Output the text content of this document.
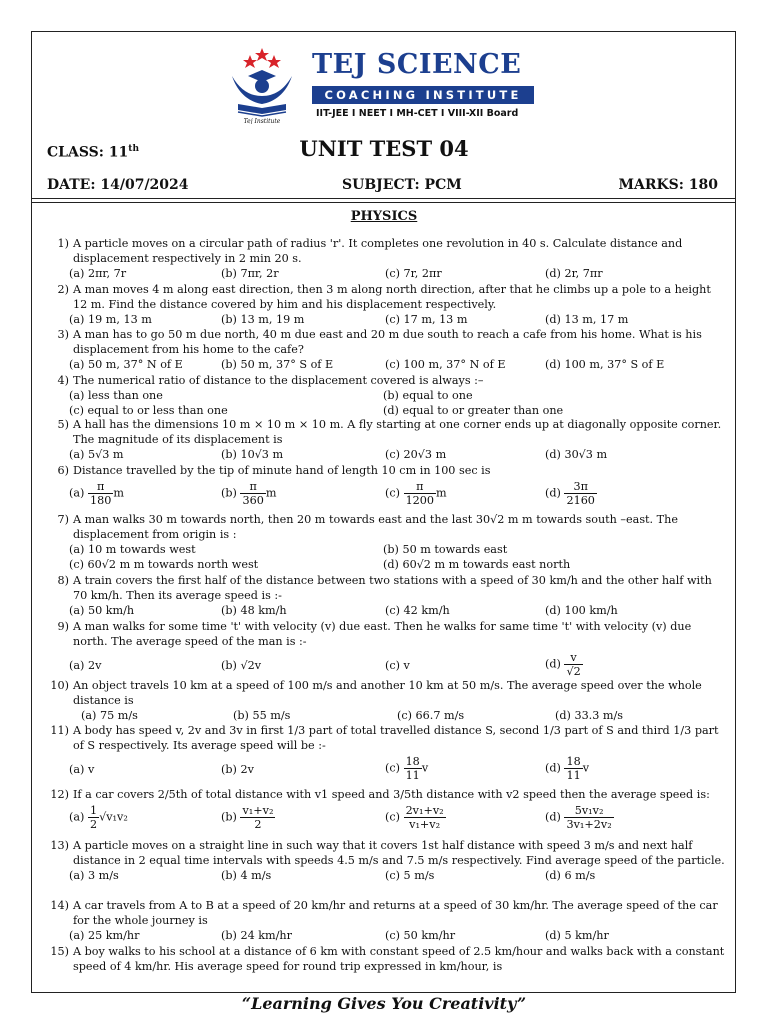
Tej Institute
TEJ SCIENCE
COACHING INSTITUTE
IIT-JEE I NEET I MH-CET I VIII-XII Board
CLASS: 11th	UNIT TEST 04
DATE: 14/07/2024	SUBJECT: PCM	MARKS: 180
PHYSICS
1) A particle moves on a circular path of radius 'r'. It completes one revolution in 40 s. Calculate distance and displacement respectively in 2 min 20 s.
(a) 2πr, 7r	(b) 7πr, 2r	(c) 7r, 2πr	(d) 2r, 7πr
2) A man moves 4 m along east direction, then 3 m along north direction, after that he climbs up a pole to a height 12 m. Find the distance covered by him and his displacement respectively.
(a) 19 m, 13 m	(b) 13 m, 19 m	(c) 17 m, 13 m	(d) 13 m, 17 m
3) A man has to go 50 m due north, 40 m due east and 20 m due south to reach a cafe from his home. What is his displacement from his home to the cafe?
(a) 50 m, 37° N of E	(b) 50 m, 37° S of E	(c) 100 m, 37° N of E	(d) 100 m, 37° S of E
4) The numerical ratio of distance to the displacement covered is always :–
(a) less than one	(b) equal to one
(c) equal to or less than one	(d) equal to or greater than one
5) A hall has the dimensions 10 m × 10 m × 10 m. A fly starting at one corner ends up at diagonally opposite corner. The magnitude of its displacement is
(a) 5√3 m	(b) 10√3 m	(c) 20√3 m	(d) 30√3 m
6) Distance travelled by the tip of minute hand of length 10 cm in 100 sec is
$(a) \frac{\pi}{180}$ m	$(b) \frac{\pi}{360}$ m	$(c) \frac{\pi}{1200}$ m	$(d) \frac{3\pi}{2160}$
7) A man walks 30 m towards north, then 20 m towards east and the last 30√2 m m towards south –east. The displacement from origin is :
(a) 10 m towards west	(b) 50 m towards east
(c) 60√2 m m towards north west	(d) 60√2 m m towards east north
8) A train covers the first half of the distance between two stations with a speed of 30 km/h and the other half with 70 km/h. Then its average speed is :-
(a) 50 km/h	(b) 48 km/h	(c) 42 km/h	(d) 100 km/h
9) A man walks for some time 't' with velocity (v) due east. Then he walks for same time 't' with velocity (v) due north. The average speed of the man is :-
(a) 2v	(b) √2v	(c) v	$(d) \frac{v}{√2}$
10) An object travels 10 km at a speed of 100 m/s and another 10 km at 50 m/s. The average speed over the whole distance is
(a) 75 m/s	(b) 55 m/s	(c) 66.7 m/s	(d) 33.3 m/s
11) A body has speed v, 2v and 3v in first 1/3 part of total travelled distance S, second 1/3 part of S and third 1/3 part of S respectively. Its average speed will be :-
(a) v	(b) 2v	$(c) \frac{18}{11}$ v	$(d) \frac{18}{11}$ v
12) If a car covers 2/5th of total distance with v1 speed and 3/5th distance with v2 speed then the average speed is:
$(a) \frac{1}{2} √v_1v_2$	$(b) \frac{\text{v₁+v₂}}{2}$	$(c) \frac{\text{2v₁+v₂}}{\text{v₁+v₂}}$	$(d) \frac{\text{5v₁v₂}}{\text{3v₁+2v₂}}$
13) A particle moves on a straight line in such way that it covers 1st half distance with speed 3 m/s and next half distance in 2 equal time intervals with speeds 4.5 m/s and 7.5 m/s respectively. Find average speed of the particle.
(a) 3 m/s	(b) 4 m/s	(c) 5 m/s	(d) 6 m/s
14) A car travels from A to B at a speed of 20 km/hr and returns at a speed of 30 km/hr. The average speed of the car for the whole journey is
(a) 25 km/hr	(b) 24 km/hr	(c) 50 km/hr	(d) 5 km/hr
15) A boy walks to his school at a distance of 6 km with constant speed of 2.5 km/hour and walks back with a constant speed of 4 km/hr. His average speed for round trip expressed in km/hour, is
“Learning Gives You Creativity”
